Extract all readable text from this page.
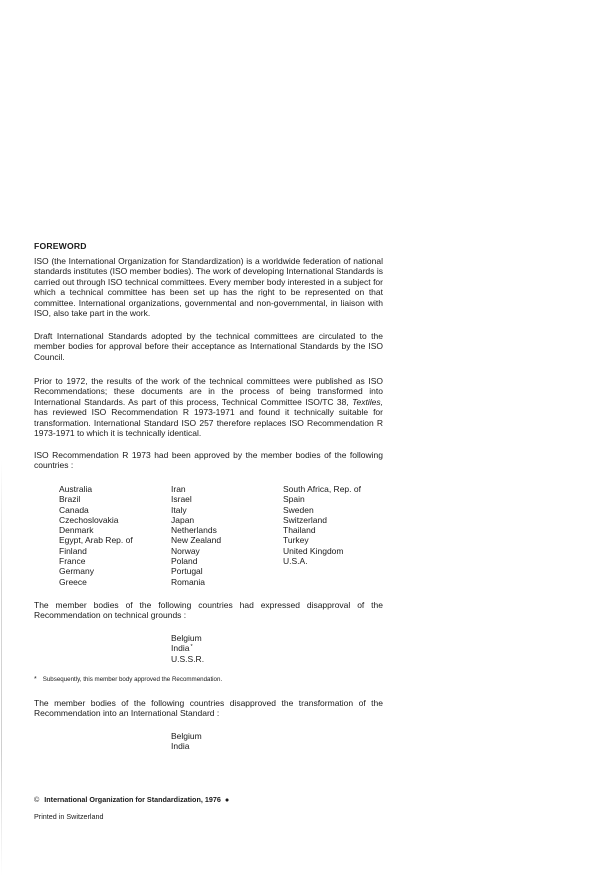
FOREWORD

ISO (the International Organization for Standardization) is a worldwide federation of national standards institutes (ISO member bodies). The work of developing International Standards is carried out through ISO technical committees. Every member body interested in a subject for which a technical committee has been set up has the right to be represented on that committee. International organizations, governmental and non-governmental, in liaison with ISO, also take part in the work.

Draft International Standards adopted by the technical committees are circulated to the member bodies for approval before their acceptance as International Standards by the ISO Council.

Prior to 1972, the results of the work of the technical committees were published as ISO Recommendations; these documents are in the process of being transformed into International Standards. As part of this process, Technical Committee ISO/TC 38, Textiles, has reviewed ISO Recommendation R 1973-1971 and found it technically suitable for transformation. International Standard ISO 257 therefore replaces ISO Recommendation R 1973-1971 to which it is technically identical.

ISO Recommendation R 1973 had been approved by the member bodies of the following countries :

Australia
Brazil
Canada
Czechoslovakia
Denmark
Egypt, Arab Rep. of
Finland
France
Germany
Greece
Iran
Israel
Italy
Japan
Netherlands
New Zealand
Norway
Poland
Portugal
Romania
South Africa, Rep. of
Spain
Sweden
Switzerland
Thailand
Turkey
United Kingdom
U.S.A.

The member bodies of the following countries had expressed disapproval of the Recommendation on technical grounds :

Belgium
India*
U.S.S.R.
* Subsequently, this member body approved the Recommendation.

The member bodies of the following countries disapproved the transformation of the Recommendation into an International Standard :

Belgium
India
© International Organization for Standardization, 1976 ●
Printed in Switzerland
